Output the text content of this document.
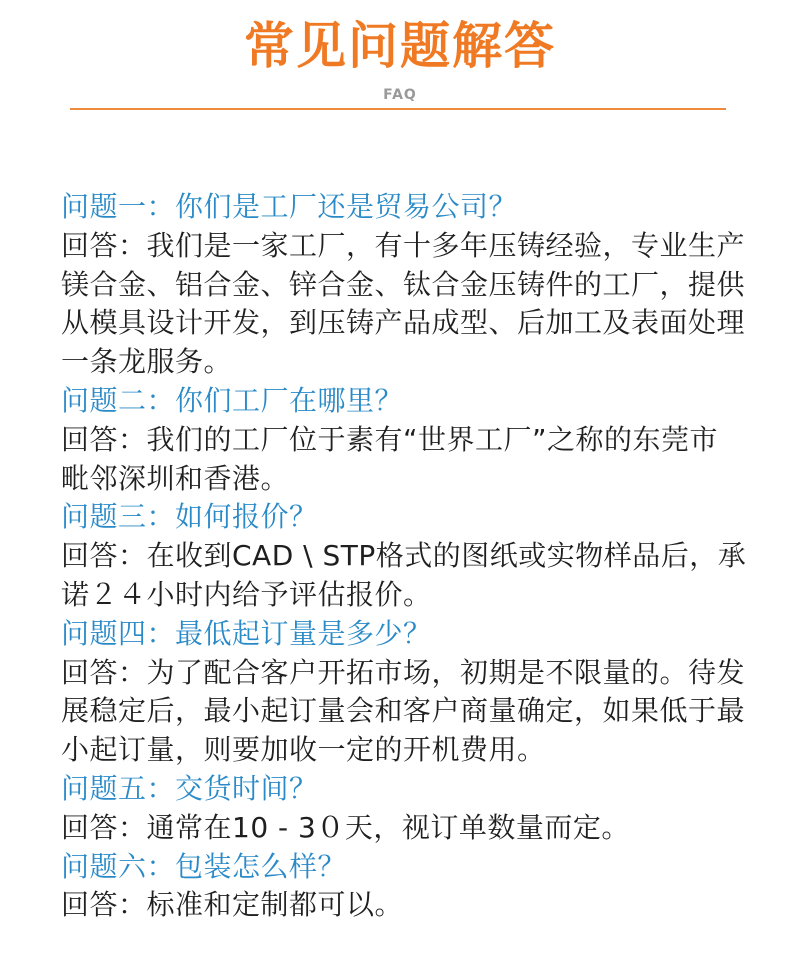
常见问题解答
FAQ
问题一：你们是工厂还是贸易公司？
回答：我们是一家工厂，有十多年压铸经验，专业生产
镁合金、铝合金、锌合金、钛合金压铸件的工厂，提供
从模具设计开发，到压铸产品成型、后加工及表面处理
一条龙服务。
问题二：你们工厂在哪里？
回答：我们的工厂位于素有“世界工厂”之称的东莞市
毗邻深圳和香港。
问题三：如何报价？
回答：在收到CAD \ STP格式的图纸或实物样品后，承
诺２４小时内给予评估报价。
问题四：最低起订量是多少？
回答：为了配合客户开拓市场，初期是不限量的。待发
展稳定后，最小起订量会和客户商量确定，如果低于最
小起订量，则要加收一定的开机费用。
问题五：交货时间？
回答：通常在10 - 3０天，视订单数量而定。
问题六：包装怎么样？
回答：标准和定制都可以。
